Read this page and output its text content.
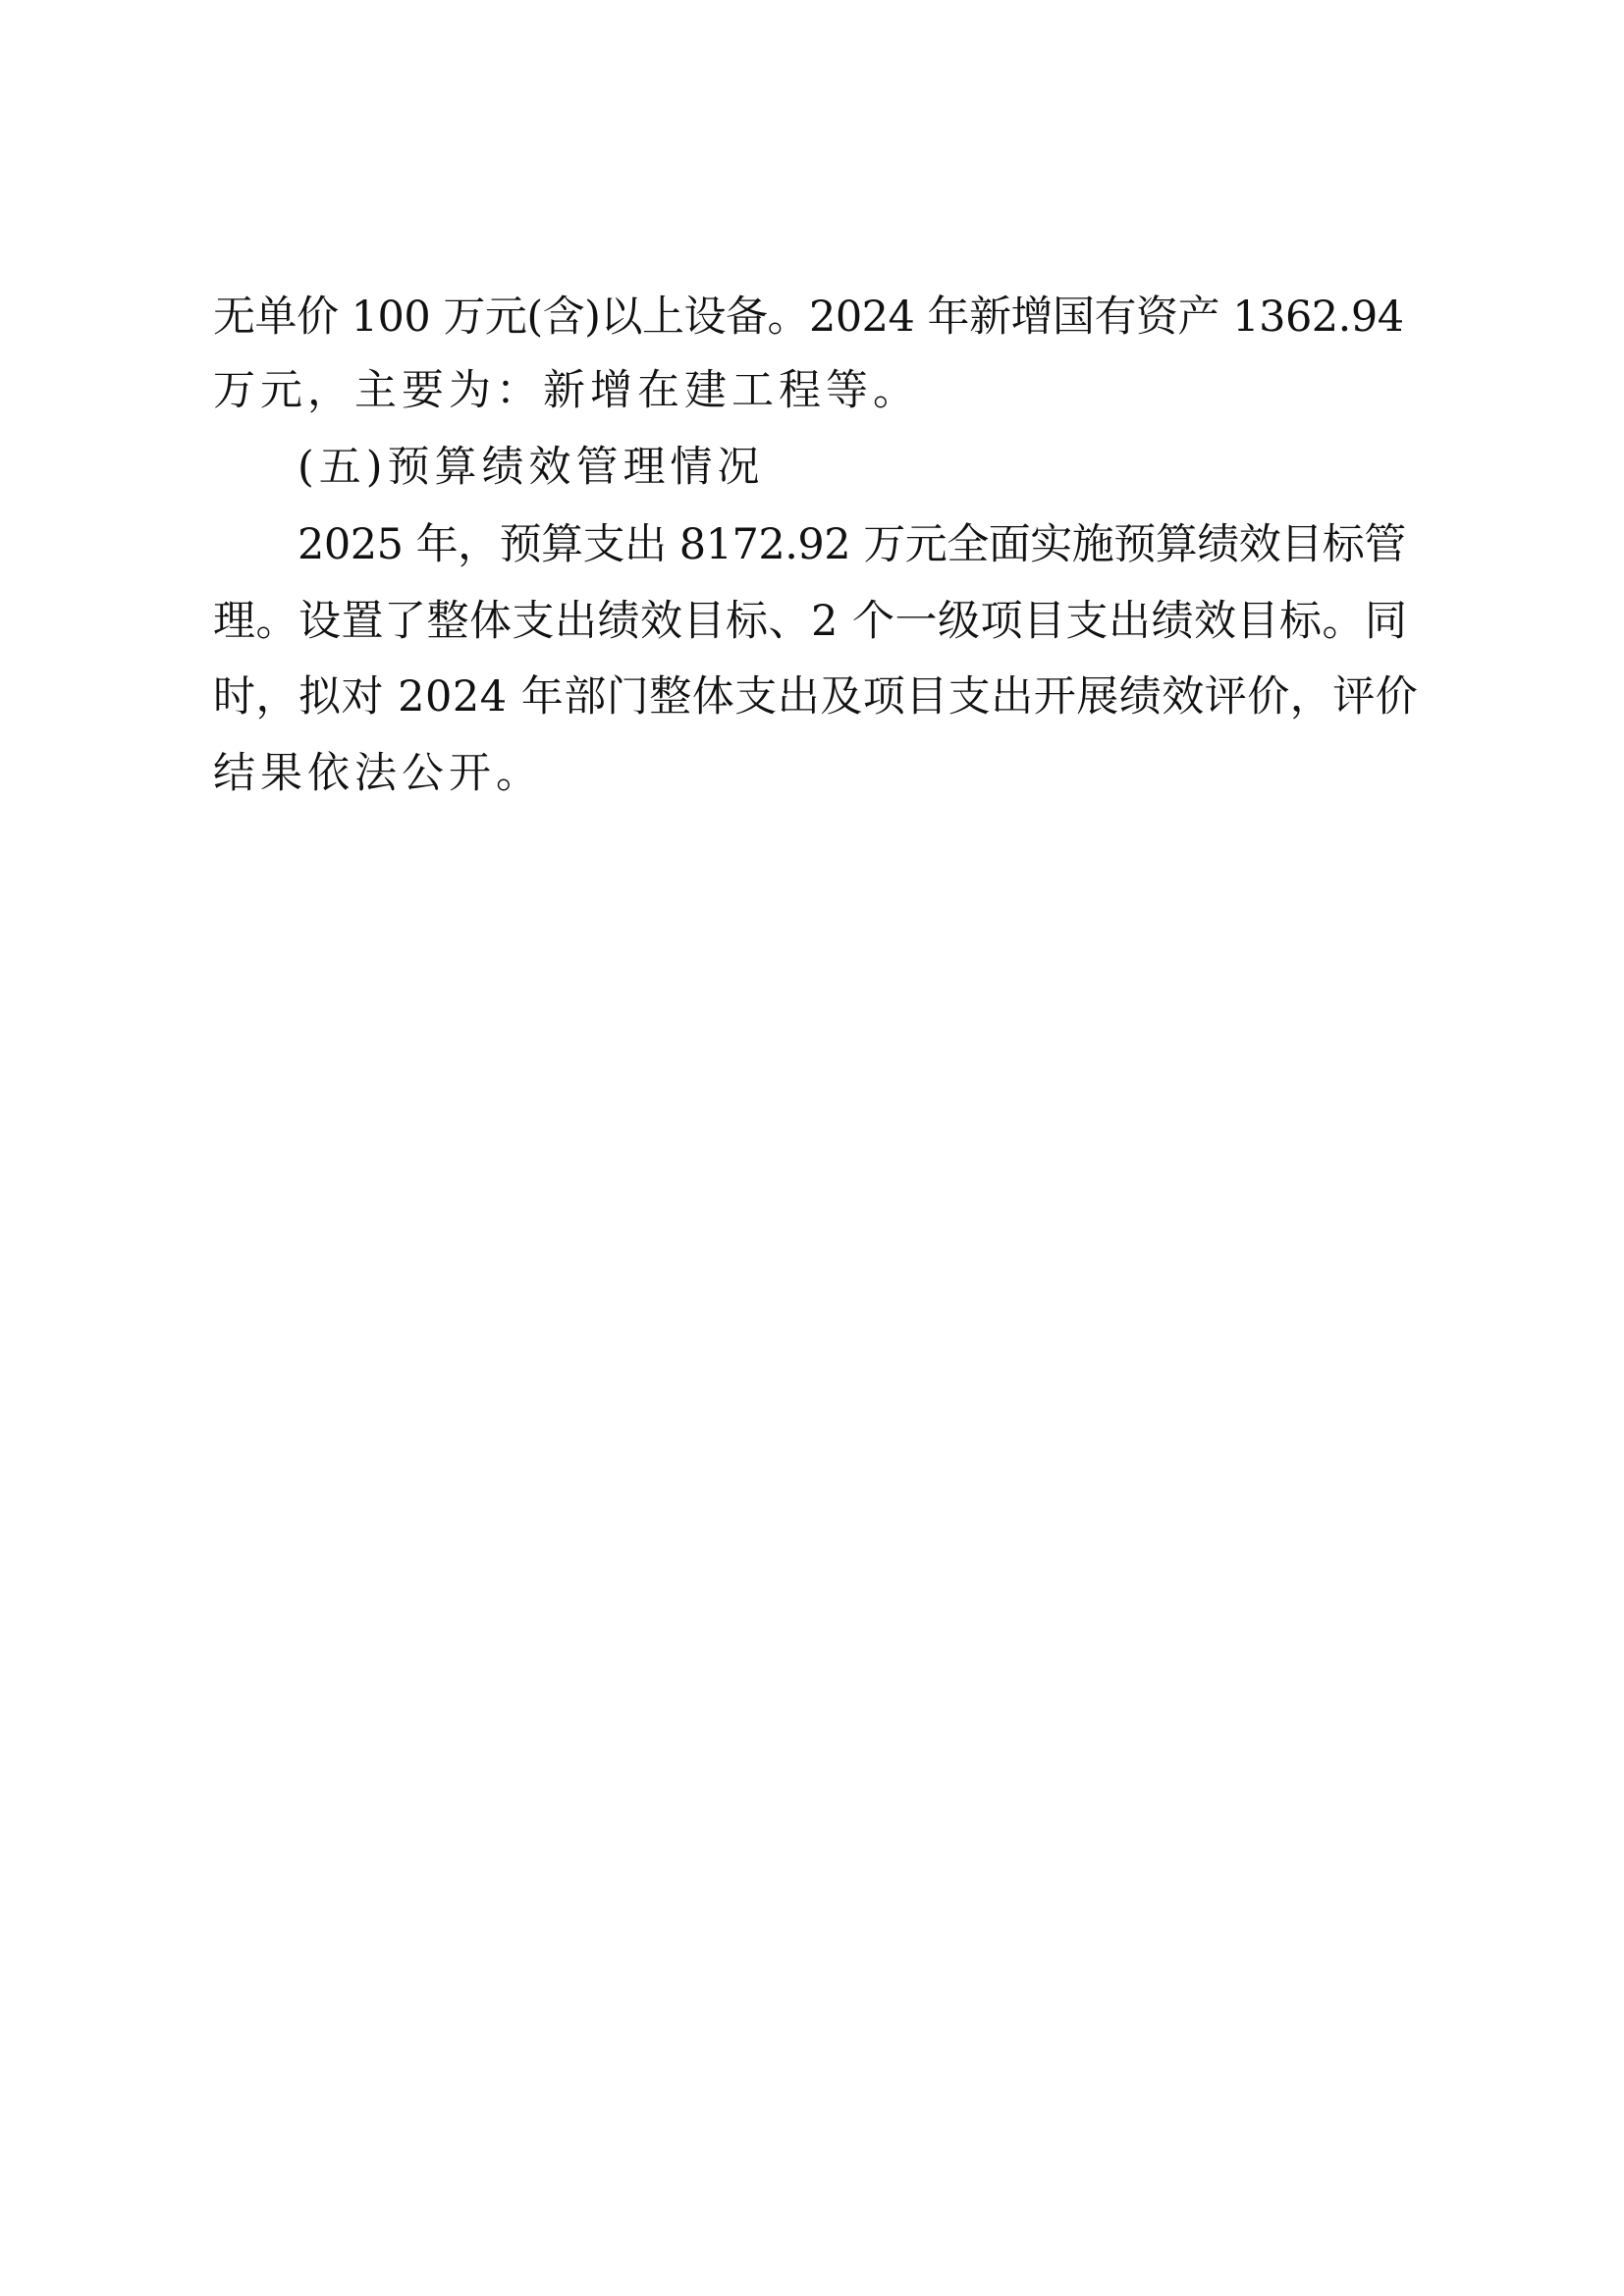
无单价 100 万元(含)以上设备。2024 年新增国有资产 1362.94
万元，主要为：新增在建工程等。
(五)预算绩效管理情况
2025 年，预算支出 8172.92 万元全面实施预算绩效目标管
理。设置了整体支出绩效目标、2 个一级项目支出绩效目标。同
时，拟对 2024 年部门整体支出及项目支出开展绩效评价，评价
结果依法公开。
